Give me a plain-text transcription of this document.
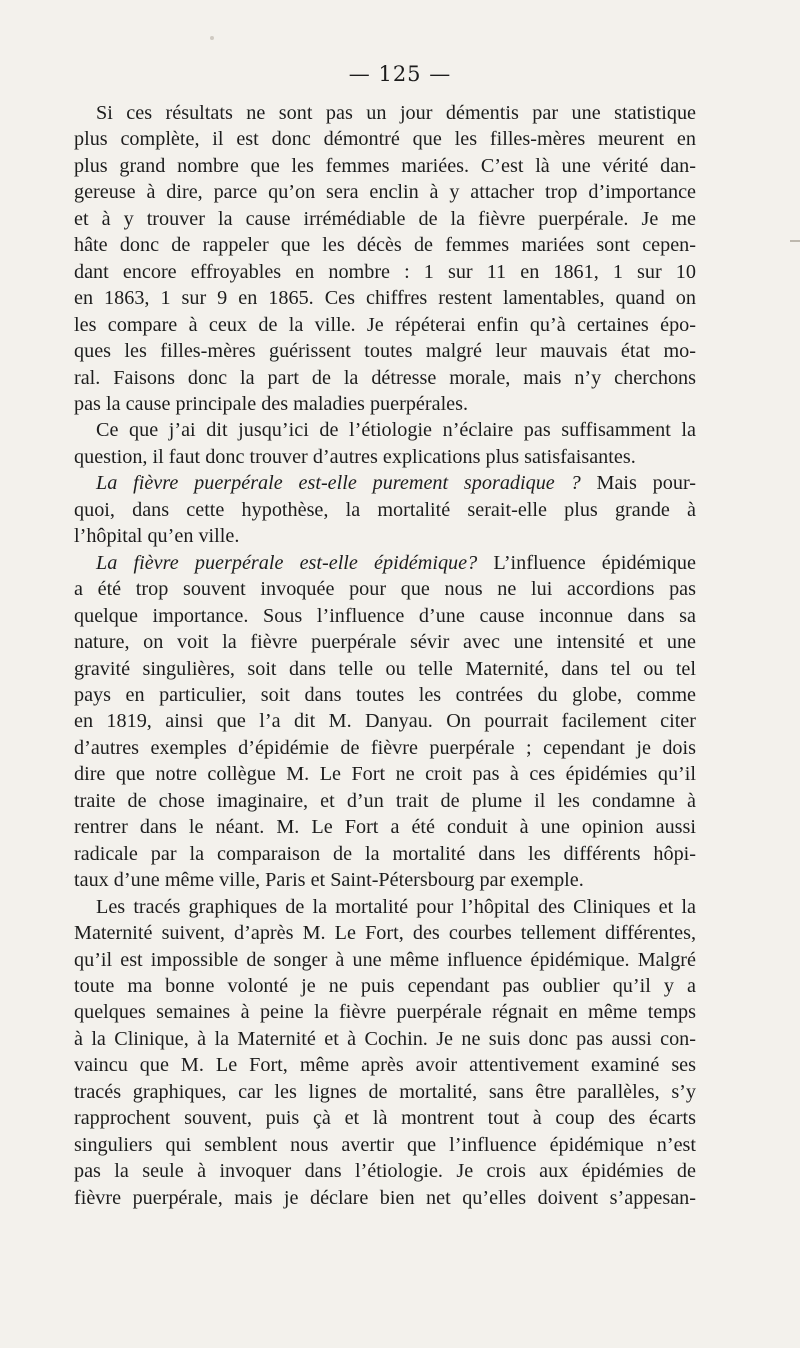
— 125 —
Si ces résultats ne sont pas un jour démentis par une statistique
plus complète, il est donc démontré que les filles-mères meurent en
plus grand nombre que les femmes mariées. C’est là une vérité dan-
gereuse à dire, parce qu’on sera enclin à y attacher trop d’importance
et à y trouver la cause irrémédiable de la fièvre puerpérale. Je me
hâte donc de rappeler que les décès de femmes mariées sont cepen-
dant encore effroyables en nombre : 1 sur 11 en 1861, 1 sur 10
en 1863, 1 sur 9 en 1865. Ces chiffres restent lamentables, quand on
les compare à ceux de la ville. Je répéterai enfin qu’à certaines épo-
ques les filles-mères guérissent toutes malgré leur mauvais état mo-
ral. Faisons donc la part de la détresse morale, mais n’y cherchons
pas la cause principale des maladies puerpérales.
Ce que j’ai dit jusqu’ici de l’étiologie n’éclaire pas suffisamment la
question, il faut donc trouver d’autres explications plus satisfaisantes.
La fièvre puerpérale est-elle purement sporadique ? Mais pour-
quoi, dans cette hypothèse, la mortalité serait-elle plus grande à
l’hôpital qu’en ville.
La fièvre puerpérale est-elle épidémique? L’influence épidémique
a été trop souvent invoquée pour que nous ne lui accordions pas
quelque importance. Sous l’influence d’une cause inconnue dans sa
nature, on voit la fièvre puerpérale sévir avec une intensité et une
gravité singulières, soit dans telle ou telle Maternité, dans tel ou tel
pays en particulier, soit dans toutes les contrées du globe, comme
en 1819, ainsi que l’a dit M. Danyau. On pourrait facilement citer
d’autres exemples d’épidémie de fièvre puerpérale ; cependant je dois
dire que notre collègue M. Le Fort ne croit pas à ces épidémies qu’il
traite de chose imaginaire, et d’un trait de plume il les condamne à
rentrer dans le néant. M. Le Fort a été conduit à une opinion aussi
radicale par la comparaison de la mortalité dans les différents hôpi-
taux d’une même ville, Paris et Saint-Pétersbourg par exemple.
Les tracés graphiques de la mortalité pour l’hôpital des Cliniques et la
Maternité suivent, d’après M. Le Fort, des courbes tellement différentes,
qu’il est impossible de songer à une même influence épidémique. Malgré
toute ma bonne volonté je ne puis cependant pas oublier qu’il y a
quelques semaines à peine la fièvre puerpérale régnait en même temps
à la Clinique, à la Maternité et à Cochin. Je ne suis donc pas aussi con-
vaincu que M. Le Fort, même après avoir attentivement examiné ses
tracés graphiques, car les lignes de mortalité, sans être parallèles, s’y
rapprochent souvent, puis çà et là montrent tout à coup des écarts
singuliers qui semblent nous avertir que l’influence épidémique n’est
pas la seule à invoquer dans l’étiologie. Je crois aux épidémies de
fièvre puerpérale, mais je déclare bien net qu’elles doivent s’appesan-
